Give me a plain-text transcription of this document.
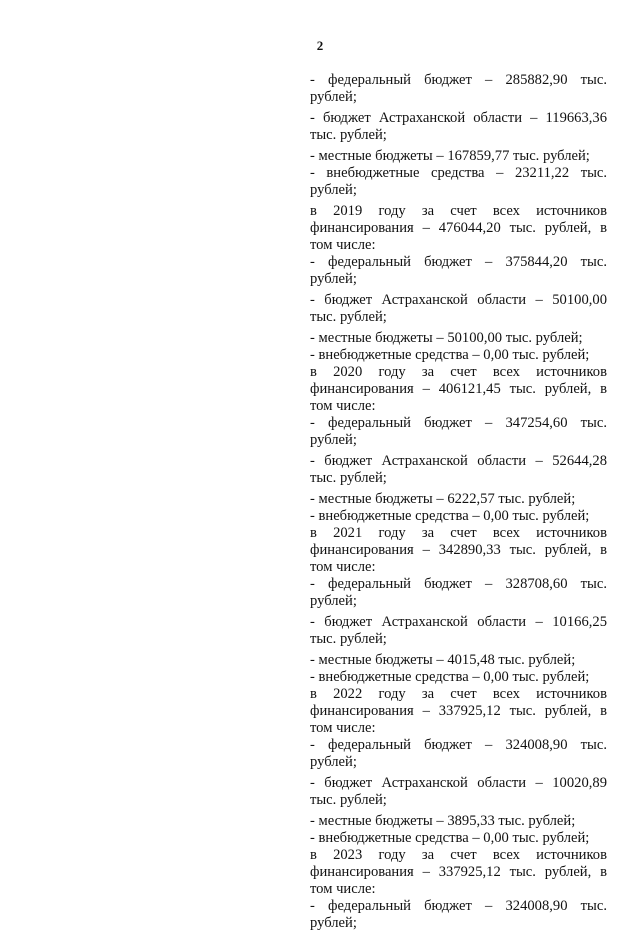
2
- федеральный бюджет – 285882,90 тыс. рублей;
- бюджет Астраханской области – 119663,36 тыс. рублей;
- местные бюджеты – 167859,77 тыс. рублей;
- внебюджетные средства – 23211,22 тыс. рублей;
в 2019 году за счет всех источников финансирования – 476044,20 тыс. рублей, в том числе:
- федеральный бюджет – 375844,20 тыс. рублей;
- бюджет Астраханской области – 50100,00 тыс. рублей;
- местные бюджеты – 50100,00 тыс. рублей;
- внебюджетные средства – 0,00 тыс. рублей;
в 2020 году за счет всех источников финансирования – 406121,45 тыс. рублей, в том числе:
- федеральный бюджет – 347254,60 тыс. рублей;
- бюджет Астраханской области – 52644,28 тыс. рублей;
- местные бюджеты – 6222,57 тыс. рублей;
- внебюджетные средства – 0,00 тыс. рублей;
в 2021 году за счет всех источников финансирования – 342890,33 тыс. рублей, в том числе:
- федеральный бюджет – 328708,60 тыс. рублей;
- бюджет Астраханской области – 10166,25 тыс. рублей;
- местные бюджеты – 4015,48 тыс. рублей;
- внебюджетные средства – 0,00 тыс. рублей;
в 2022 году за счет всех источников финансирования – 337925,12 тыс. рублей, в том числе:
- федеральный бюджет – 324008,90 тыс. рублей;
- бюджет Астраханской области – 10020,89 тыс. рублей;
- местные бюджеты – 3895,33 тыс. рублей;
- внебюджетные средства – 0,00 тыс. рублей;
в 2023 году за счет всех источников финансирования – 337925,12 тыс. рублей, в том числе:
- федеральный бюджет – 324008,90 тыс. рублей;
